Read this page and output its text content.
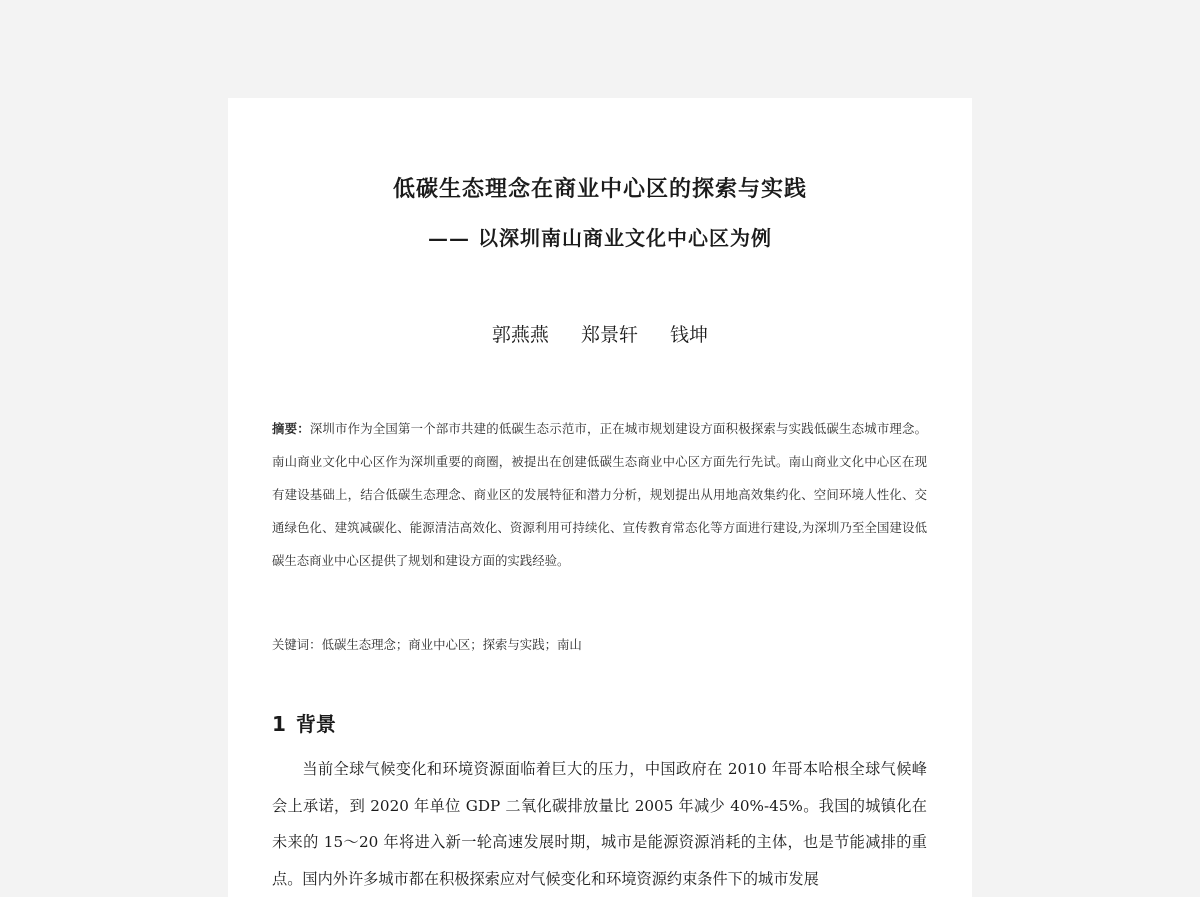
低碳生态理念在商业中心区的探索与实践
—— 以深圳南山商业文化中心区为例
郭燕燕 郑景轩 钱坤

摘要：深圳市作为全国第一个部市共建的低碳生态示范市，正在城市规划建设方面积极探索与实践低碳生态城市理念。南山商业文化中心区作为深圳重要的商圈，被提出在创建低碳生态商业中心区方面先行先试。南山商业文化中心区在现有建设基础上，结合低碳生态理念、商业区的发展特征和潜力分析，规划提出从用地高效集约化、空间环境人性化、交通绿色化、建筑减碳化、能源清洁高效化、资源利用可持续化、宣传教育常态化等方面进行建设,为深圳乃至全国建设低碳生态商业中心区提供了规划和建设方面的实践经验。

关键词：低碳生态理念；商业中心区；探索与实践；南山

1 背景

当前全球气候变化和环境资源面临着巨大的压力，中国政府在 2010 年哥本哈根全球气候峰会上承诺，到 2020 年单位 GDP 二氧化碳排放量比 2005 年减少 40%-45%。我国的城镇化在未来的 15～20 年将进入新一轮高速发展时期，城市是能源资源消耗的主体，也是节能减排的重点。国内外许多城市都在积极探索应对气候变化和环境资源约束条件下的城市发展
